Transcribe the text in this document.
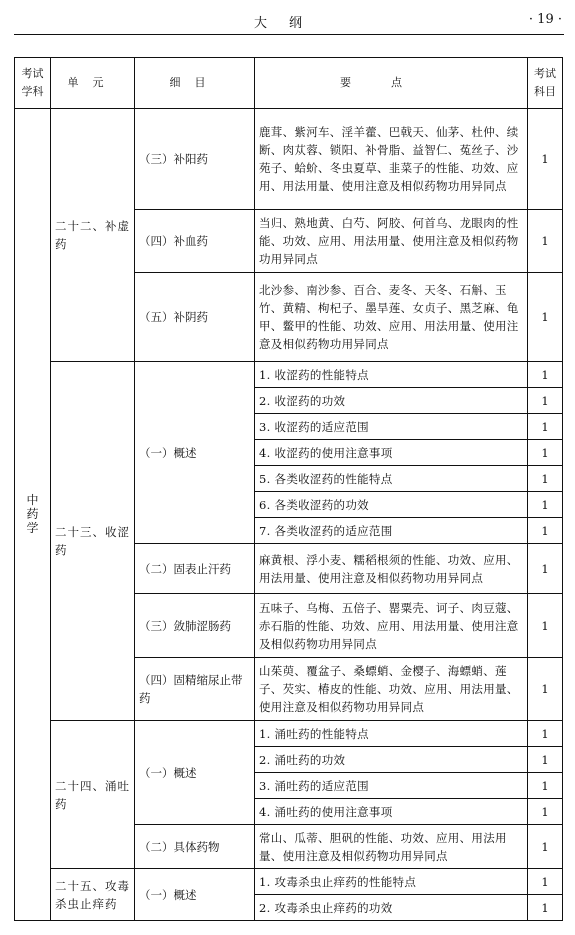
大纲	· 19 ·
考试学科	单元	细目	要点	考试科目
中药学	二十二、补虚药	（三）补阳药	鹿茸、紫河车、淫羊藿、巴戟天、仙茅、杜仲、续断、肉苁蓉、锁阳、补骨脂、益智仁、菟丝子、沙苑子、蛤蚧、冬虫夏草、韭菜子的性能、功效、应用、用法用量、使用注意及相似药物功用异同点	1
		（四）补血药	当归、熟地黄、白芍、阿胶、何首乌、龙眼肉的性能、功效、应用、用法用量、使用注意及相似药物功用异同点	1
		（五）补阴药	北沙参、南沙参、百合、麦冬、天冬、石斛、玉竹、黄精、枸杞子、墨旱莲、女贞子、黑芝麻、龟甲、鳖甲的性能、功效、应用、用法用量、使用注意及相似药物功用异同点	1
	二十三、收涩药	（一）概述	1. 收涩药的性能特点	1
			2. 收涩药的功效	1
			3. 收涩药的适应范围	1
			4. 收涩药的使用注意事项	1
			5. 各类收涩药的性能特点	1
			6. 各类收涩药的功效	1
			7. 各类收涩药的适应范围	1
		（二）固表止汗药	麻黄根、浮小麦、糯稻根须的性能、功效、应用、用法用量、使用注意及相似药物功用异同点	1
		（三）敛肺涩肠药	五味子、乌梅、五倍子、罂粟壳、诃子、肉豆蔻、赤石脂的性能、功效、应用、用法用量、使用注意及相似药物功用异同点	1
		（四）固精缩尿止带药	山茱萸、覆盆子、桑螵蛸、金樱子、海螵蛸、莲子、芡实、椿皮的性能、功效、应用、用法用量、使用注意及相似药物功用异同点	1
	二十四、涌吐药	（一）概述	1. 涌吐药的性能特点	1
			2. 涌吐药的功效	1
			3. 涌吐药的适应范围	1
			4. 涌吐药的使用注意事项	1
		（二）具体药物	常山、瓜蒂、胆矾的性能、功效、应用、用法用量、使用注意及相似药物功用异同点	1
	二十五、攻毒杀虫止痒药	（一）概述	1. 攻毒杀虫止痒药的性能特点	1
			2. 攻毒杀虫止痒药的功效	1
